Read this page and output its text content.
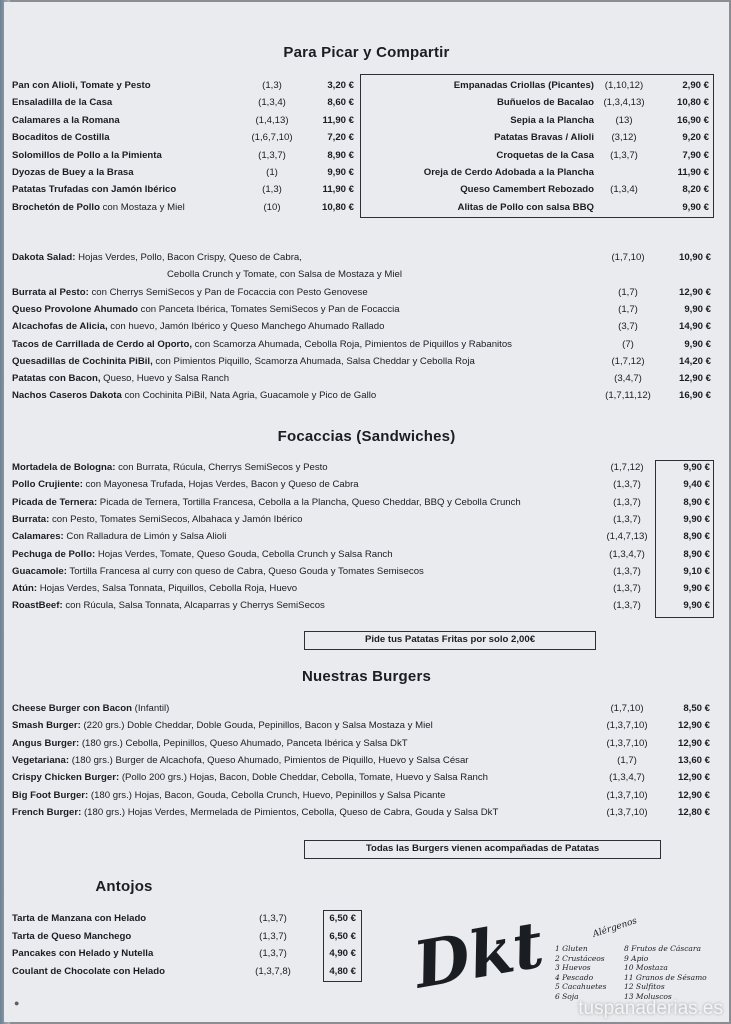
Para Picar y Compartir
Pan con Alioli, Tomate y Pesto	(1,3)	3,20 €
Ensaladilla de la Casa	(1,3,4)	8,60 €
Calamares a la Romana	(1,4,13)	11,90 €
Bocaditos de Costilla	(1,6,7,10)	7,20 €
Solomillos de Pollo a la Pimienta	(1,3,7)	8,90 €
Dyozas de Buey a la Brasa	(1)	9,90 €
Patatas Trufadas con Jamón Ibérico	(1,3)	11,90 €
Brochetón de Pollo con Mostaza y Miel	(10)	10,80 €
Empanadas Criollas (Picantes)	(1,10,12)	2,90 €
Buñuelos de Bacalao (1,3,4,13)	10,80 €
Sepia a la Plancha	(13)	16,90 €
Patatas Bravas / Alioli	(3,12)	9,20 €
Croquetas de la Casa	(1,3,7)	7,90 €
Oreja de Cerdo Adobada a la Plancha	11,90 €
Queso Camembert Rebozado	(1,3,4)	8,20 €
Alitas de Pollo con salsa BBQ	9,90 €
Dakota Salad: Hojas Verdes, Pollo, Bacon Crispy, Queso de Cabra,	(1,7,10)	10,90 €
Cebolla Crunch y Tomate, con Salsa de Mostaza y Miel
Burrata al Pesto: con Cherrys SemiSecos y Pan de Focaccia con Pesto Genovese	(1,7)	12,90 €
Queso Provolone Ahumado con Panceta Ibérica, Tomates SemiSecos y Pan de Focaccia	(1,7)	9,90 €
Alcachofas de Alicia, con huevo, Jamón Ibérico y Queso Manchego Ahumado Rallado	(3,7)	14,90 €
Tacos de Carrillada de Cerdo al Oporto, con Scamorza Ahumada, Cebolla Roja, Pimientos de Piquillos y Rabanitos	(7)	9,90 €
Quesadillas de Cochinita PiBil, con Pimientos Piquillo, Scamorza Ahumada, Salsa Cheddar y Cebolla Roja	(1,7,12)	14,20 €
Patatas con Bacon, Queso, Huevo y Salsa Ranch	(3,4,7)	12,90 €
Nachos Caseros Dakota con Cochinita PiBil, Nata Agria, Guacamole y Pico de Gallo	(1,7,11,12)	16,90 €
Focaccias (Sandwiches)
Mortadela de Bologna: con Burrata, Rúcula, Cherrys SemiSecos y Pesto	(1,7,12)	9,90 €
Pollo Crujiente: con Mayonesa Trufada, Hojas Verdes, Bacon y Queso de Cabra	(1,3,7)	9,40 €
Picada de Ternera: Picada de Ternera, Tortilla Francesa, Cebolla a la Plancha, Queso Cheddar, BBQ y Cebolla Crunch	(1,3,7)	8,90 €
Burrata: con Pesto, Tomates SemiSecos, Albahaca y Jamón Ibérico	(1,3,7)	9,90 €
Calamares: Con Ralladura de Limón y Salsa Alioli	(1,4,7,13)	8,90 €
Pechuga de Pollo: Hojas Verdes, Tomate, Queso Gouda, Cebolla Crunch y Salsa Ranch	(1,3,4,7)	8,90 €
Guacamole: Tortilla Francesa al curry con queso de Cabra, Queso Gouda y Tomates Semisecos	(1,3,7)	9,10 €
Atún: Hojas Verdes, Salsa Tonnata, Piquillos, Cebolla Roja, Huevo	(1,3,7)	9,90 €
RoastBeef: con Rúcula, Salsa Tonnata, Alcaparras y Cherrys SemiSecos	(1,3,7)	9,90 €
Pide tus Patatas Fritas por solo 2,00€
Nuestras Burgers
Cheese Burger con Bacon (Infantil)	(1,7,10)	8,50 €
Smash Burger: (220 grs.) Doble Cheddar, Doble Gouda, Pepinillos, Bacon y Salsa Mostaza y Miel	(1,3,7,10)	12,90 €
Angus Burger: (180 grs.) Cebolla, Pepinillos, Queso Ahumado, Panceta Ibérica y Salsa DkT	(1,3,7,10)	12,90 €
Vegetariana: (180 grs.) Burger de Alcachofa, Queso Ahumado, Pimientos de Piquillo, Huevo y Salsa César	(1,7)	13,60 €
Crispy Chicken Burger: (Pollo 200 grs.) Hojas, Bacon, Doble Cheddar, Cebolla, Tomate, Huevo y Salsa Ranch	(1,3,4,7)	12,90 €
Big Foot Burger: (180 grs.) Hojas, Bacon, Gouda, Cebolla Crunch, Huevo, Pepinillos y Salsa Picante	(1,3,7,10)	12,90 €
French Burger: (180 grs.) Hojas Verdes, Mermelada de Pimientos, Cebolla, Queso de Cabra, Gouda y Salsa DkT	(1,3,7,10)	12,80 €
Todas las Burgers vienen acompañadas de Patatas
Antojos
Tarta de Manzana con Helado	(1,3,7)	6,50 €
Tarta de Queso Manchego	(1,3,7)	6,50 €
Pancakes con Helado y Nutella	(1,3,7)	4,90 €
Coulant de Chocolate con Helado	(1,3,7,8)	4,80 € Dkt	Alérgenos
1 Gluten
2 Crustáceos
3 Huevos
4 Pescado
5 Cacahuetes
6 Soja
8 Frutos de Cáscara
9 Apio
10 Mostaza
11 Granos de Sésamo
12 Sulfitos
13 Moluscos
●	tuspanaderias.es
